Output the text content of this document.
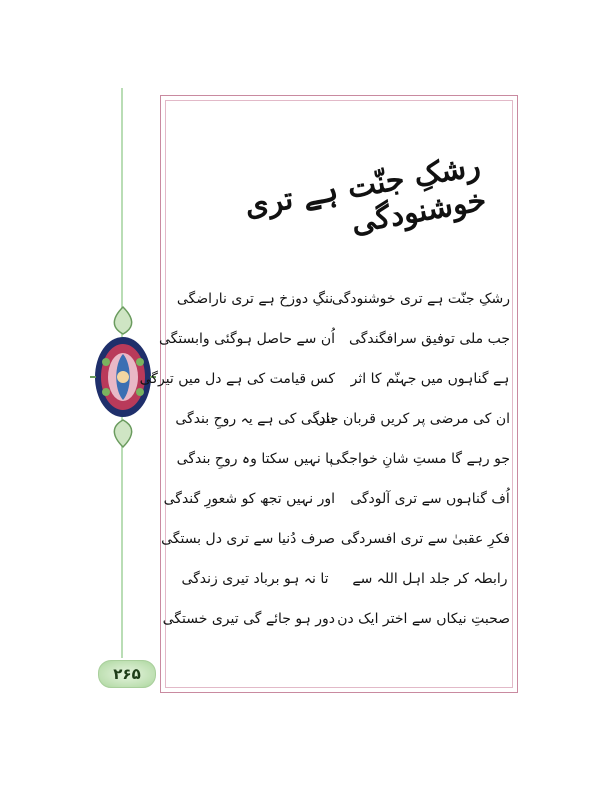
۲۶۵
رشکِ جنّت ہے تری خوشنودگی
رشکِ جنّت ہے تری خوشنودگی
ننگِ دوزخ ہے تری ناراضگی
جب ملی توفیق سرافگندگی
اُن سے حاصل ہوگئی وابستگی
ہے گناہوں میں جہنّم کا اثر
کس قیامت کی ہے دل میں تیرگی
ان کی مرضی پر کریں قربان جاں
بندگی کی ہے یہ روحِ بندگی
جو رہے گا مستِ شانِ خواجگی
پا نہیں سکتا وہ روحِ بندگی
اُف گناہوں سے تری آلودگی
اور نہیں تجھ کو شعورِ گندگی
فکرِ عقبیٰ سے تری افسردگی
صرف دُنیا سے تری دل بستگی
رابطہ کر جلد اہل اللہ سے
تا نہ ہو برباد تیری زندگی
صحبتِ نیکاں سے اختر ایک دن
دور ہو جائے گی تیری خستگی
